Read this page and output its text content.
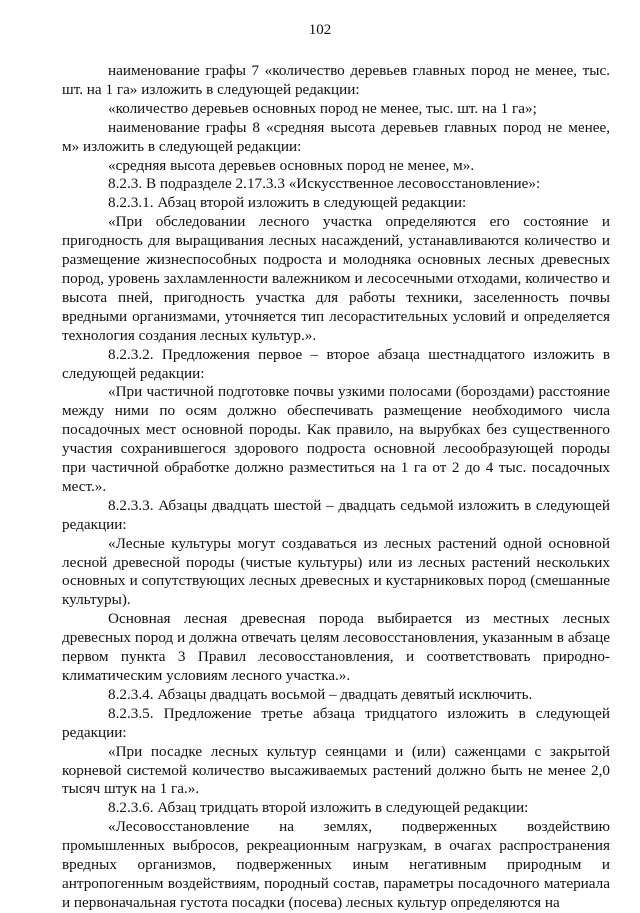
102

наименование графы 7 «количество деревьев главных пород не менее, тыс. шт. на 1 га» изложить в следующей редакции:

«количество деревьев основных пород не менее, тыс. шт. на 1 га»;

наименование графы 8 «средняя высота деревьев главных пород не менее, м» изложить в следующей редакции:

«средняя высота деревьев основных пород не менее, м».

8.2.3. В подразделе 2.17.3.3 «Искусственное лесовосстановление»:

8.2.3.1. Абзац второй изложить в следующей редакции:

«При обследовании лесного участка определяются его состояние и пригодность для выращивания лесных насаждений, устанавливаются количество и размещение жизнеспособных подроста и молодняка основных лесных древесных пород, уровень захламленности валежником и лесосечными отходами, количество и высота пней, пригодность участка для работы техники, заселенность почвы вредными организмами, уточняется тип лесорастительных условий и определяется технология создания лесных культур.».

8.2.3.2. Предложения первое – второе абзаца шестнадцатого изложить в следующей редакции:

«При частичной подготовке почвы узкими полосами (бороздами) расстояние между ними по осям должно обеспечивать размещение необходимого числа посадочных мест основной породы. Как правило, на вырубках без существенного участия сохранившегося здорового подроста основной лесообразующей породы при частичной обработке должно разместиться на 1 га от 2 до 4 тыс. посадочных мест.».

8.2.3.3. Абзацы двадцать шестой – двадцать седьмой изложить в следующей редакции:

«Лесные культуры могут создаваться из лесных растений одной основной лесной древесной породы (чистые культуры) или из лесных растений нескольких основных и сопутствующих лесных древесных и кустарниковых пород (смешанные культуры).

Основная лесная древесная порода выбирается из местных лесных древесных пород и должна отвечать целям лесовосстановления, указанным в абзаце первом пункта 3 Правил лесовосстановления, и соответствовать природно-климатическим условиям лесного участка.».

8.2.3.4. Абзацы двадцать восьмой – двадцать девятый исключить.

8.2.3.5. Предложение третье абзаца тридцатого изложить в следующей редакции:

«При посадке лесных культур сеянцами и (или) саженцами с закрытой корневой системой количество высаживаемых растений должно быть не менее 2,0 тысяч штук на 1 га.».

8.2.3.6. Абзац тридцать второй изложить в следующей редакции:

«Лесовосстановление на землях, подверженных воздействию промышленных выбросов, рекреационным нагрузкам, в очагах распространения вредных организмов, подверженных иным негативным природным и антропогенным воздействиям, породный состав, параметры посадочного материала и первоначальная густота посадки (посева) лесных культур определяются на
